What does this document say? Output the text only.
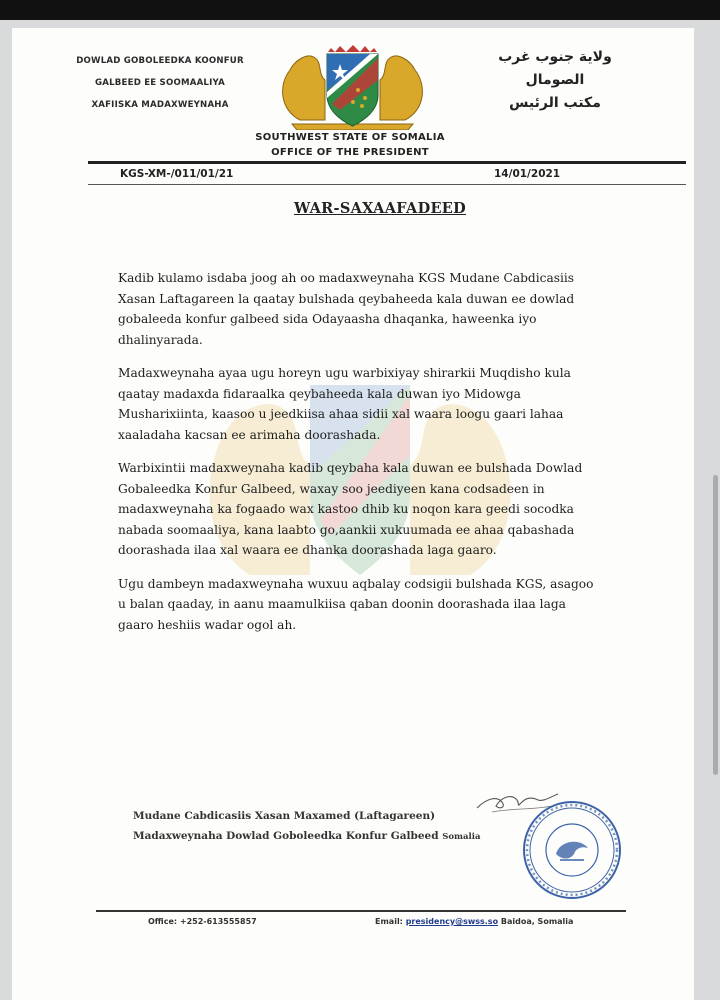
DOWLAD GOBOLEEDKA KOONFUR
GALBEED EE SOOMAALIYA
XAFIISKA MADAXWEYNAHA
ولاية جنوب غرب
الصومال
مكتب الرئيس
SOUTHWEST STATE OF SOMALIA
OFFICE OF THE PRESIDENT
KGS-XM-/011/01/21	14/01/2021
WAR-SAXAAFADEED

Kadib kulamo isdaba joog ah oo madaxweynaha KGS Mudane Cabdicasiis Xasan Laftagareen la qaatay bulshada qeybaheeda kala duwan ee dowlad gobaleeda konfur galbeed sida Odayaasha dhaqanka, haweenka iyo dhalinyarada.

Madaxweynaha ayaa ugu horeyn ugu warbixiyay shirarkii Muqdisho kula qaatay madaxda fidaraalka qeybaheeda kala duwan iyo Midowga Musharixiinta, kaasoo u jeedkiisa ahaa sidii xal waara loogu gaari lahaa xaaladaha kacsan ee arimaha doorashada.

Warbixintii madaxweynaha kadib qeybaha kala duwan ee bulshada Dowlad Gobaleedka Konfur Galbeed, waxay soo jeediyeen kana codsadeen in madaxweynaha ka fogaado wax kastoo dhib ku noqon kara geedi socodka nabada soomaaliya, kana laabto go,aankii xukuumada ee ahaa qabashada doorashada ilaa xal waara ee dhanka doorashada laga gaaro.

Ugu dambeyn madaxweynaha wuxuu aqbalay codsigii bulshada KGS, asagoo u balan qaaday, in aanu maamulkiisa qaban doonin doorashada ilaa laga gaaro heshiis wadar ogol ah.

Mudane Cabdicasiis Xasan Maxamed (Laftagareen)
Madaxweynaha Dowlad Goboleedka Konfur Galbeed Somalia
Office: +252-613555857	Email: presidency@swss.so Baidoa, Somalia
